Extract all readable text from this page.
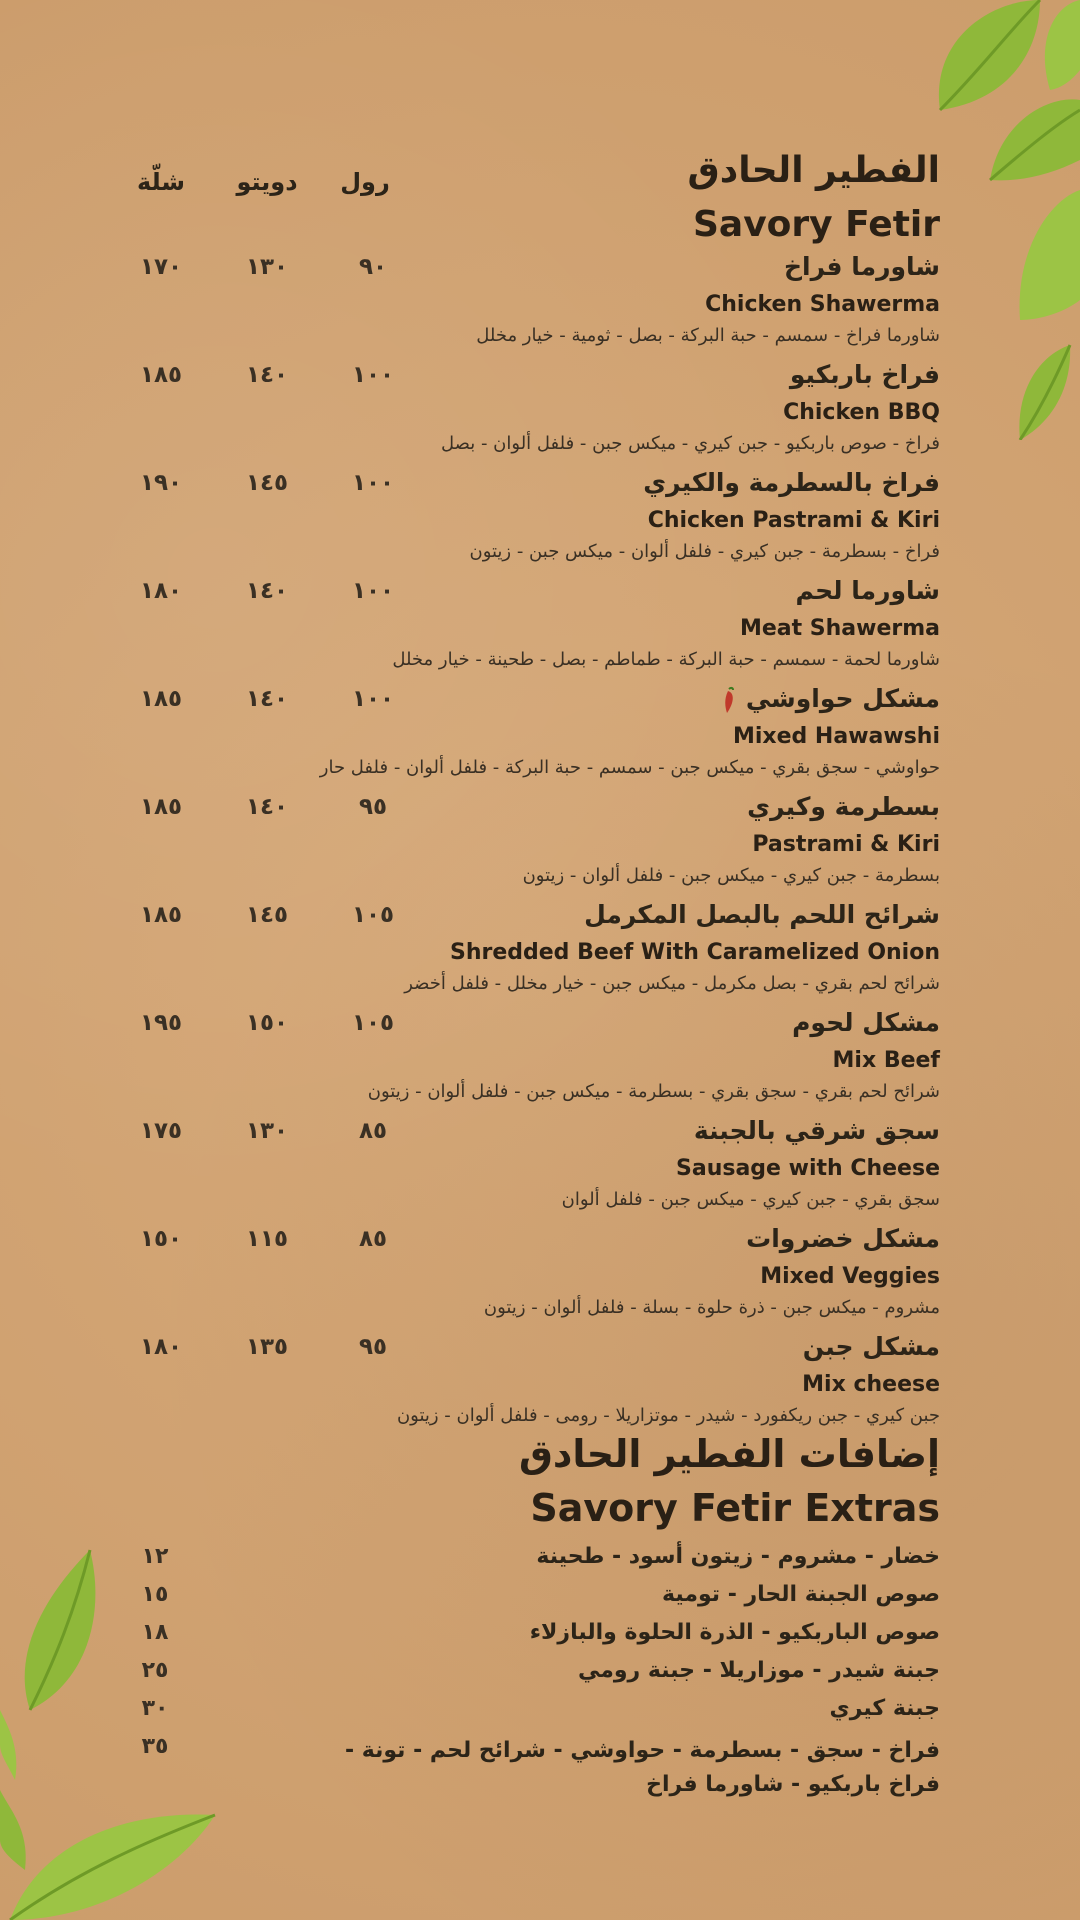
رول
دويتو
شلّة	الفطير الحادق
Savory Fetir
شاورما فراخ
Chicken Shawerma
شاورما فراخ - سمسم - حبة البركة - بصل - ثومية - خيار مخلل
٩٠
١٣٠
١٧٠
فراخ باربكيو
Chicken BBQ
فراخ - صوص باربكيو - جبن كيري - ميكس جبن - فلفل ألوان - بصل
١٠٠
١٤٠
١٨٥
فراخ بالسطرمة والكيري
Chicken Pastrami & Kiri
فراخ - بسطرمة - جبن كيري - فلفل ألوان - ميكس جبن - زيتون
١٠٠
١٤٥
١٩٠
شاورما لحم
Meat Shawerma
شاورما لحمة - سمسم - حبة البركة - طماطم - بصل - طحينة - خيار مخلل
١٠٠
١٤٠
١٨٠
مشكل حواوشي
Mixed Hawawshi
حواوشي - سجق بقري - ميكس جبن - سمسم - حبة البركة - فلفل ألوان - فلفل حار
١٠٠
١٤٠
١٨٥
بسطرمة وكيري
Pastrami & Kiri
بسطرمة - جبن كيري - ميكس جبن - فلفل ألوان - زيتون
٩٥
١٤٠
١٨٥
شرائح اللحم بالبصل المكرمل
Shredded Beef With Caramelized Onion
شرائح لحم بقري - بصل مكرمل - ميكس جبن - خيار مخلل - فلفل أخضر
١٠٥
١٤٥
١٨٥
مشكل لحوم
Mix Beef
شرائح لحم بقري - سجق بقري - بسطرمة - ميكس جبن - فلفل ألوان - زيتون
١٠٥
١٥٠
١٩٥
سجق شرقي بالجبنة
Sausage with Cheese
سجق بقري - جبن كيري - ميكس جبن - فلفل ألوان
٨٥
١٣٠
١٧٥
مشكل خضروات
Mixed Veggies
مشروم - ميكس جبن - ذرة حلوة - بسلة - فلفل ألوان - زيتون
٨٥
١١٥
١٥٠
مشكل جبن
Mix cheese
جبن كيري - جبن ريكفورد - شيدر - موتزاريلا - رومى - فلفل ألوان - زيتون
٩٥
١٣٥
١٨٠
إضافات الفطير الحادق
Savory Fetir Extras
خضار - مشروم - زيتون أسود - طحينة
١٢
صوص الجبنة الحار - تومية
١٥
صوص الباربكيو - الذرة الحلوة والبازلاء
١٨
جبنة شيدر - موزاريلا - جبنة رومي
٢٥
جبنة كيري
٣٠
فراخ - سجق - بسطرمة - حواوشي - شرائح لحم - تونة - فراخ باربكيو - شاورما فراخ
٣٥
